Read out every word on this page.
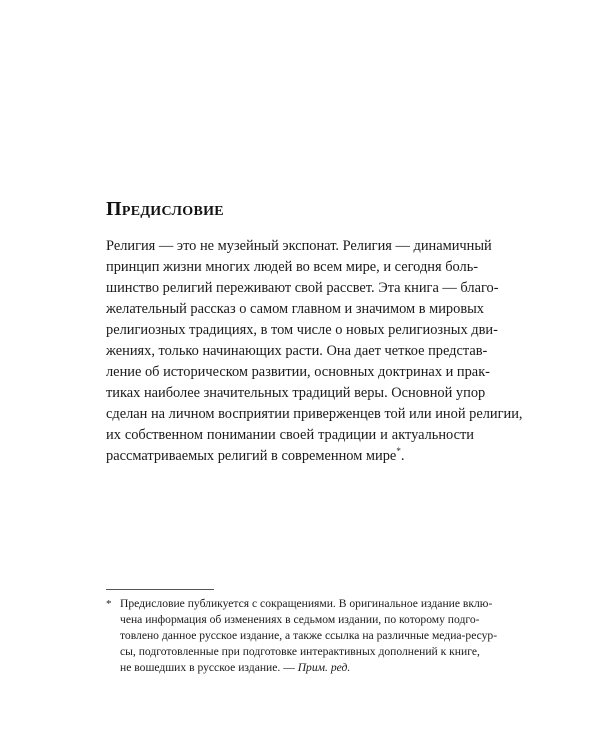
Предисловие

Религия — это не музейный экспонат. Религия — динамичный
принцип жизни многих людей во всем мире, и сегодня боль-
шинство религий переживают свой рассвет. Эта книга — благо-
желательный рассказ о самом главном и значимом в мировых
религиозных традициях, в том числе о новых религиозных дви-
жениях, только начинающих расти. Она дает четкое представ-
ление об историческом развитии, основных доктринах и прак-
тиках наиболее значительных традиций веры. Основной упор
сделан на личном восприятии приверженцев той или иной религии,
их собственном понимании своей традиции и актуальности
рассматриваемых религий в современном мире*.

* Предисловие публикуется с сокращениями. В оригинальное издание вклю-
чена информация об изменениях в седьмом издании, по которому подго-
товлено данное русское издание, а также ссылка на различные медиа-ресур-
сы, подготовленные при подготовке интерактивных дополнений к книге,
не вошедших в русское издание. — Прим. ред.
